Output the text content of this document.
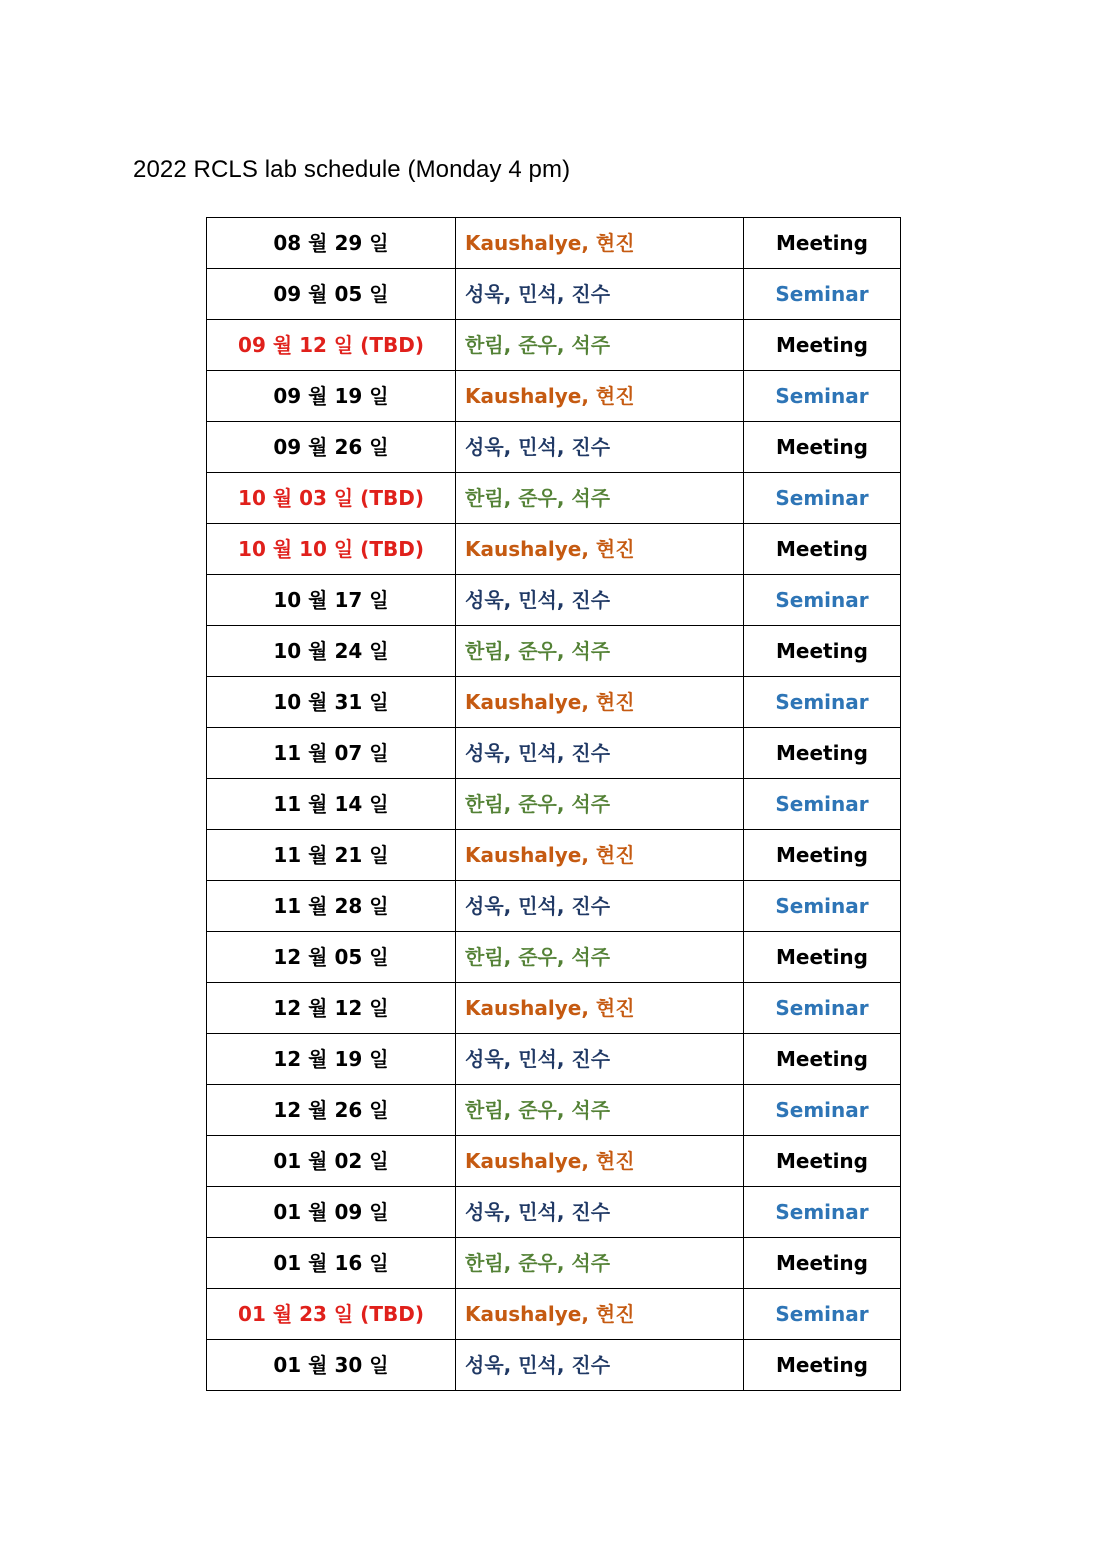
2022 RCLS lab schedule (Monday 4 pm)
08 월 29 일	Kaushalye, 현진	Meeting
09 월 05 일	성욱, 민석, 진수	Seminar
09 월 12 일 (TBD)	한림, 준우, 석주	Meeting
09 월 19 일	Kaushalye, 현진	Seminar
09 월 26 일	성욱, 민석, 진수	Meeting
10 월 03 일 (TBD)	한림, 준우, 석주	Seminar
10 월 10 일 (TBD)	Kaushalye, 현진	Meeting
10 월 17 일	성욱, 민석, 진수	Seminar
10 월 24 일	한림, 준우, 석주	Meeting
10 월 31 일	Kaushalye, 현진	Seminar
11 월 07 일	성욱, 민석, 진수	Meeting
11 월 14 일	한림, 준우, 석주	Seminar
11 월 21 일	Kaushalye, 현진	Meeting
11 월 28 일	성욱, 민석, 진수	Seminar
12 월 05 일	한림, 준우, 석주	Meeting
12 월 12 일	Kaushalye, 현진	Seminar
12 월 19 일	성욱, 민석, 진수	Meeting
12 월 26 일	한림, 준우, 석주	Seminar
01 월 02 일	Kaushalye, 현진	Meeting
01 월 09 일	성욱, 민석, 진수	Seminar
01 월 16 일	한림, 준우, 석주	Meeting
01 월 23 일 (TBD)	Kaushalye, 현진	Seminar
01 월 30 일	성욱, 민석, 진수	Meeting
